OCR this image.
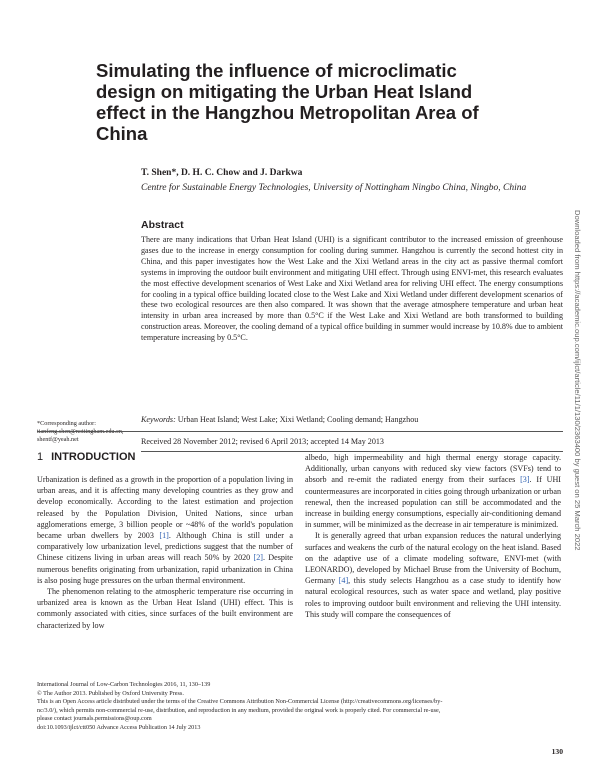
Simulating the influence of microclimatic design on mitigating the Urban Heat Island effect in the Hangzhou Metropolitan Area of China

T. Shen*, D. H. C. Chow and J. Darkwa

Centre for Sustainable Energy Technologies, University of Nottingham Ningbo China, Ningbo, China

Abstract

There are many indications that Urban Heat Island (UHI) is a significant contributor to the increased emission of greenhouse gases due to the increase in energy consumption for cooling during summer. Hangzhou is currently the second hottest city in China, and this paper investigates how the West Lake and the Xixi Wetland areas in the city act as passive thermal comfort systems in improving the outdoor built environment and mitigating UHI effect. Through using ENVI-met, this research evaluates the most effective development scenarios of West Lake and Xixi Wetland area for reliving UHI effect. The energy consumptions for cooling in a typical office building located close to the West Lake and Xixi Wetland under different development scenarios of these two ecological resources are then also compared. It was shown that the average atmosphere temperature and urban heat intensity in urban area increased by more than 0.5°C if the West Lake and Xixi Wetland are both transformed to building construction areas. Moreover, the cooling demand of a typical office building in summer would increase by 10.8% due to ambient temperature increasing by 0.5°C.

Keywords: Urban Heat Island; West Lake; Xixi Wetland; Cooling demand; Hangzhou

*Corresponding author: tianfeng.shen@nottingham.edu.cn, shentf@yeah.net	Received 28 November 2012; revised 6 April 2013; accepted 14 May 2013

1 INTRODUCTION

Urbanization is defined as a growth in the proportion of a population living in urban areas, and it is affecting many developing countries as they grow and develop economically. According to the latest estimation and projection released by the Population Division, United Nations, since urban agglomerations emerge, 3 billion people or ~48% of the world's population became urban dwellers by 2003 [1]. Although China is still under a comparatively low urbanization level, predictions suggest that the number of Chinese citizens living in urban areas will reach 50% by 2020 [2]. Despite numerous benefits originating from urbanization, rapid urbanization in China is also posing huge pressures on the urban thermal environment.

The phenomenon relating to the atmospheric temperature rise occurring in urbanized area is known as the Urban Heat Island (UHI) effect. This is commonly associated with cities, since surfaces of the built environment are characterized by low

albedo, high impermeability and high thermal energy storage capacity. Additionally, urban canyons with reduced sky view factors (SVFs) tend to absorb and re-emit the radiated energy from their surfaces [3]. If UHI countermeasures are incorporated in cities going through urbanization or urban renewal, then the increased population can still be accommodated and the increase in building energy consumptions, especially air-conditioning demand in summer, will be minimized as the decrease in air temperature is minimized.

It is generally agreed that urban expansion reduces the natural underlying surfaces and weakens the curb of the natural ecology on the heat island. Based on the adaptive use of a climate modeling software, ENVI-met (with LEONARDO), developed by Michael Bruse from the University of Bochum, Germany [4], this study selects Hangzhou as a case study to identify how natural ecological resources, such as water space and wetland, play positive roles to improving outdoor built environment and relieving the UHI intensity. This study will compare the consequences of

International Journal of Low-Carbon Technologies 2016, 11, 130–139
© The Author 2013. Published by Oxford University Press.
This is an Open Access article distributed under the terms of the Creative Commons Attribution Non-Commercial License (http://creativecommons.org/licenses/by-
nc/3.0/), which permits non-commercial re-use, distribution, and reproduction in any medium, provided the original work is properly cited. For commercial re-use,
please contact journals.permissions@oup.com
doi:10.1093/ijlct/ctt050 Advance Access Publication 14 July 2013
130
Downloaded from https://academic.oup.com/ijlct/article/11/1/130/2363400 by guest on 25 March 2022
